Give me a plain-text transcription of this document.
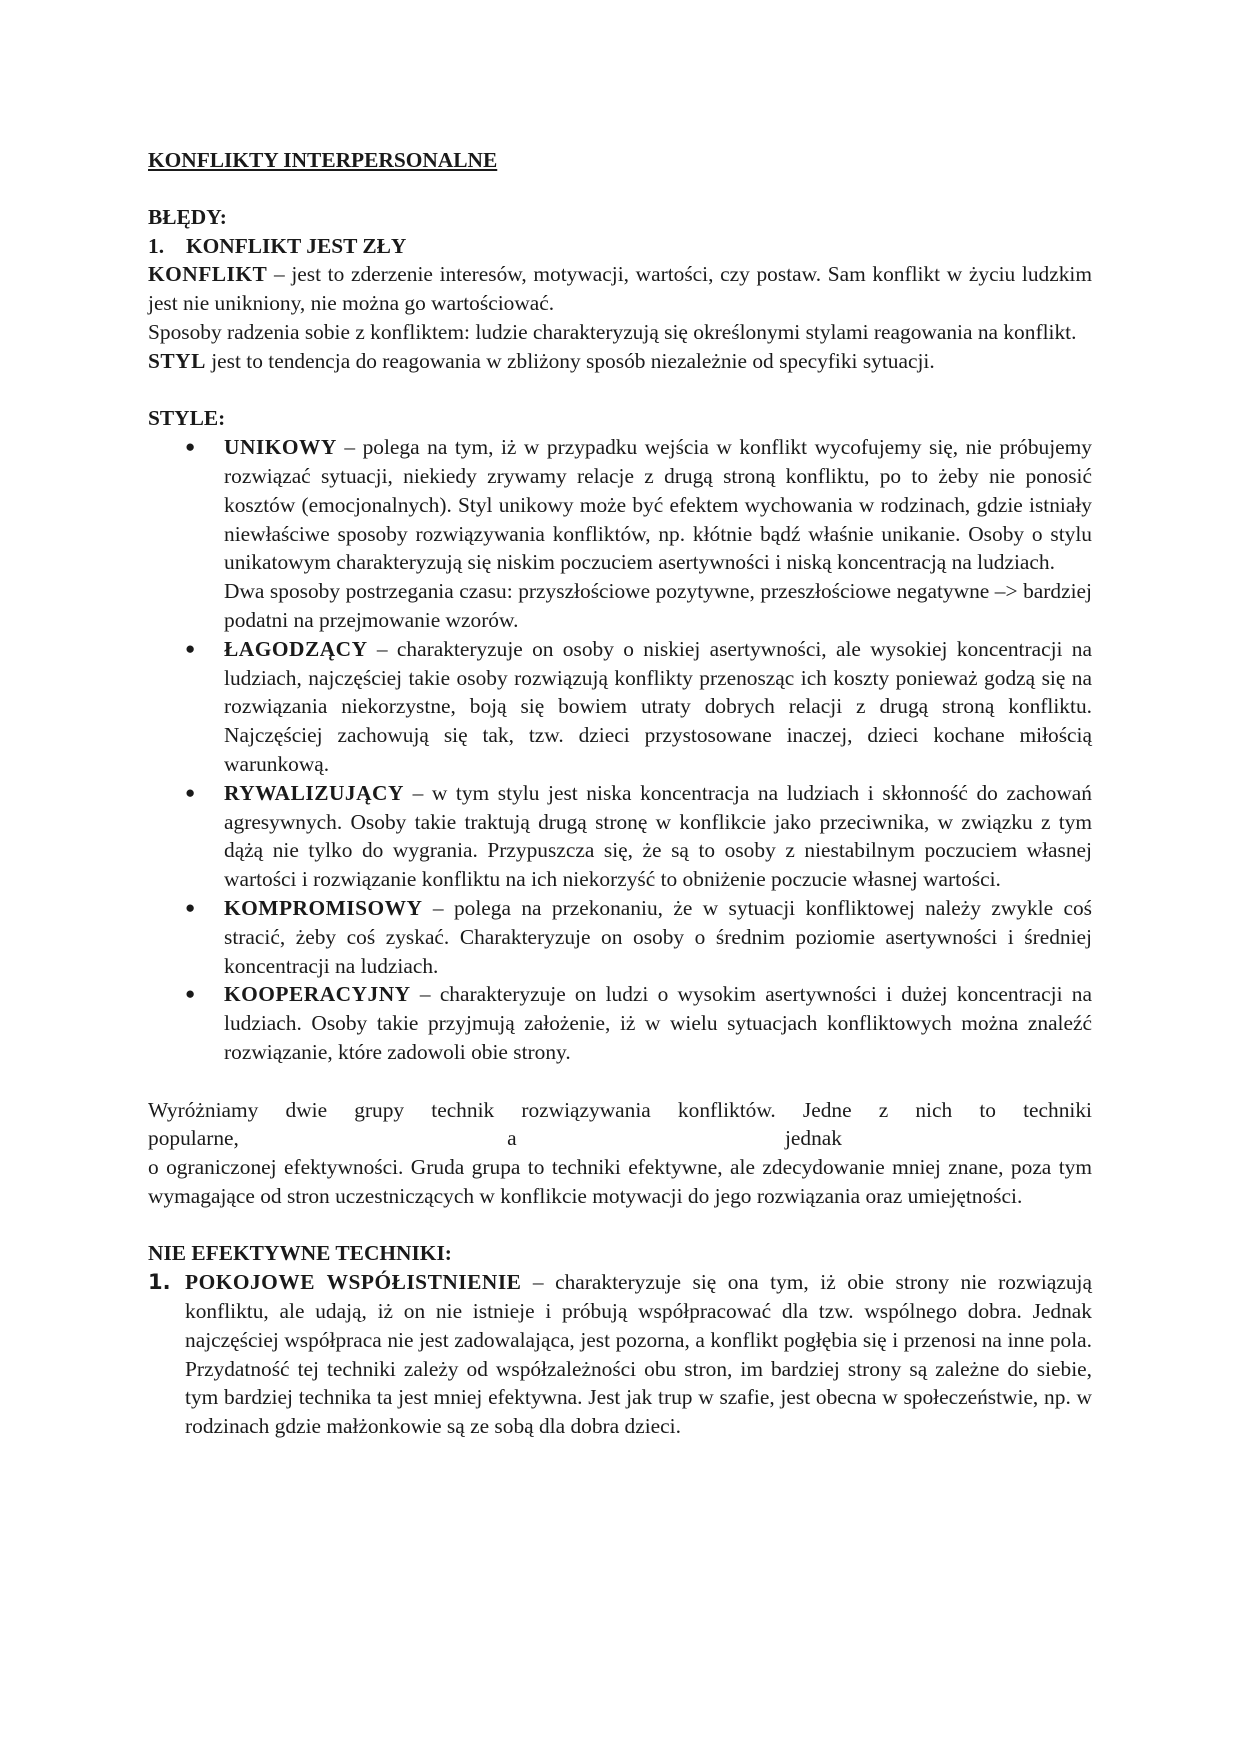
KONFLIKTY INTERPERSONALNE
BŁĘDY:
1. KONFLIKT JEST ZŁY

KONFLIKT – jest to zderzenie interesów, motywacji, wartości, czy postaw. Sam konflikt w życiu ludzkim jest nie unikniony, nie można go wartościować.

Sposoby radzenia sobie z konfliktem: ludzie charakteryzują się określonymi stylami reagowania na konflikt.

STYL jest to tendencja do reagowania w zbliżony sposób niezależnie od specyfiki sytuacji.

STYLE:
● UNIKOWY – polega na tym, iż w przypadku wejścia w konflikt wycofujemy się, nie próbujemy rozwiązać sytuacji, niekiedy zrywamy relacje z drugą stroną konfliktu, po to żeby nie ponosić kosztów (emocjonalnych). Styl unikowy może być efektem wychowania w rodzinach, gdzie istniały niewłaściwe sposoby rozwiązywania konfliktów, np. kłótnie bądź właśnie unikanie. Osoby o stylu unikatowym charakteryzują się niskim poczuciem asertywności i niską koncentracją na ludziach.
Dwa sposoby postrzegania czasu: przyszłościowe pozytywne, przeszłościowe negatywne –> bardziej podatni na przejmowanie wzorów.
● ŁAGODZĄCY – charakteryzuje on osoby o niskiej asertywności, ale wysokiej koncentracji na ludziach, najczęściej takie osoby rozwiązują konflikty przenosząc ich koszty ponieważ godzą się na rozwiązania niekorzystne, boją się bowiem utraty dobrych relacji z drugą stroną konfliktu. Najczęściej zachowują się tak, tzw. dzieci przystosowane inaczej, dzieci kochane miłością warunkową.
● RYWALIZUJĄCY – w tym stylu jest niska koncentracja na ludziach i skłonność do zachowań agresywnych. Osoby takie traktują drugą stronę w konflikcie jako przeciwnika, w związku z tym dążą nie tylko do wygrania. Przypuszcza się, że są to osoby z niestabilnym poczuciem własnej wartości i rozwiązanie konfliktu na ich niekorzyść to obniżenie poczucie własnej wartości.
● KOMPROMISOWY – polega na przekonaniu, że w sytuacji konfliktowej należy zwykle coś stracić, żeby coś zyskać. Charakteryzuje on osoby o średnim poziomie asertywności i średniej koncentracji na ludziach.
● KOOPERACYJNY – charakteryzuje on ludzi o wysokim asertywności i dużej koncentracji na ludziach. Osoby takie przyjmują założenie, iż w wielu sytuacjach konfliktowych można znaleźć rozwiązanie, które zadowoli obie strony.

Wyróżniamy dwie grupy technik rozwiązywania konfliktów. Jedne z nich to techniki

popularne,	a	jednak

o ograniczonej efektywności. Gruda grupa to techniki efektywne, ale zdecydowanie mniej znane, poza tym wymagające od stron uczestniczących w konflikcie motywacji do jego rozwiązania oraz umiejętności.

NIE EFEKTYWNE TECHNIKI:
1. POKOJOWE WSPÓŁISTNIENIE – charakteryzuje się ona tym, iż obie strony nie rozwiązują konfliktu, ale udają, iż on nie istnieje i próbują współpracować dla tzw. wspólnego dobra. Jednak najczęściej współpraca nie jest zadowalająca, jest pozorna, a konflikt pogłębia się i przenosi na inne pola. Przydatność tej techniki zależy od współzależności obu stron, im bardziej strony są zależne do siebie, tym bardziej technika ta jest mniej efektywna. Jest jak trup w szafie, jest obecna w społeczeństwie, np. w rodzinach gdzie małżonkowie są ze sobą dla dobra dzieci.
